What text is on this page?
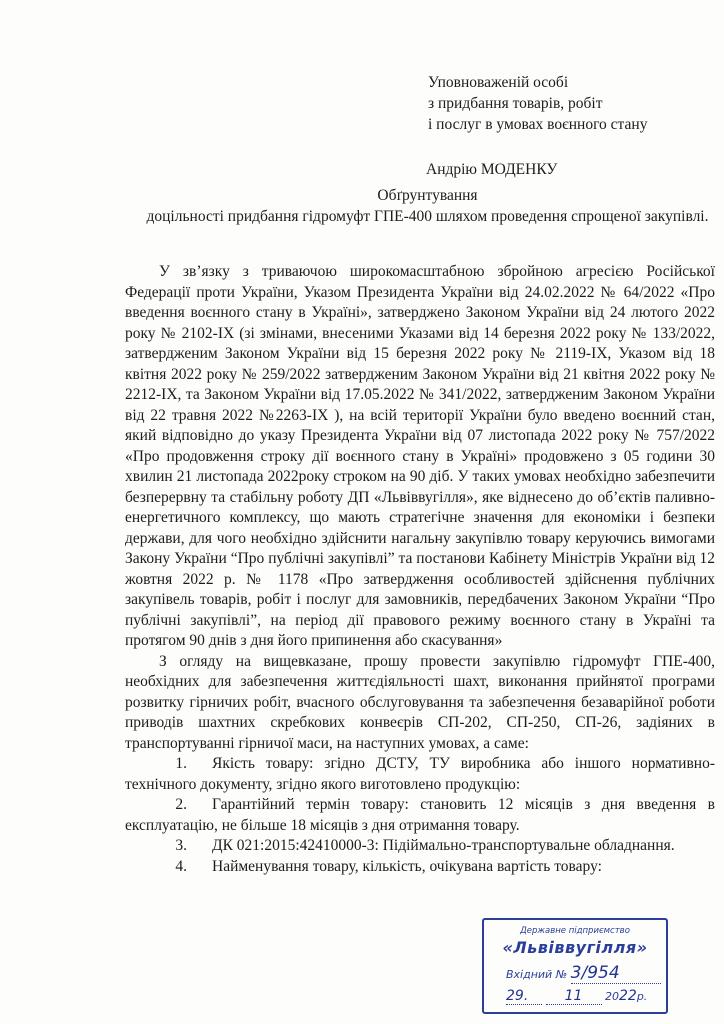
Уповноваженій особі
з придбання товарів, робіт
і послуг в умовах воєнного стану
Андрію МОДЕНКУ
Обґрунтування
доцільності придбання гідромуфт ГПЕ-400 шляхом проведення спрощеної закупівлі.

У зв’язку з триваючою широкомасштабною збройною агресією Російської Федерації проти України, Указом Президента України від 24.02.2022 № 64/2022 «Про введення воєнного стану в Україні», затверджено Законом України від 24 лютого 2022 року № 2102-IX (зі змінами, внесеними Указами від 14 березня 2022 року № 133/2022, затвердженим Законом України від 15 березня 2022 року № 2119-IX, Указом від 18 квітня 2022 року № 259/2022 затвердженим Законом України від 21 квітня 2022 року № 2212-IX, та Законом України від 17.05.2022 № 341/2022, затвердженим Законом України від 22 травня 2022 №2263-IX ), на всій території України було введено воєнний стан, який відповідно до указу Президента України від 07 листопада 2022 року № 757/2022 «Про продовження строку дії воєнного стану в Україні» продовжено з 05 години 30 хвилин 21 листопада 2022року строком на 90 діб. У таких умовах необхідно забезпечити безперервну та стабільну роботу ДП «Львіввугілля», яке віднесено до об’єктів паливно-енергетичного комплексу, що мають стратегічне значення для економіки і безпеки держави, для чого необхідно здійснити нагальну закупівлю товару керуючись вимогами Закону України “Про публічні закупівлі” та постанови Кабінету Міністрів України від 12 жовтня 2022 р. № 1178 «Про затвердження особливостей здійснення публічних закупівель товарів, робіт і послуг для замовників, передбачених Законом України “Про публічні закупівлі”, на період дії правового режиму воєнного стану в Україні та протягом 90 днів з дня його припинення або скасування»

З огляду на вищевказане, прошу провести закупівлю гідромуфт ГПЕ-400, необхідних для забезпечення життєдіяльності шахт, виконання прийнятої програми розвитку гірничих робіт, вчасного обслуговування та забезпечення безаварійної роботи приводів шахтних скребкових конвеєрів СП-202, СП-250, СП-26, задіяних в транспортуванні гірничої маси, на наступних умовах, а саме:

1. Якість товару: згідно ДСТУ, ТУ виробника або іншого нормативно-технічного документу, згідно якого виготовлено продукцію:

2. Гарантійний термін товару: становить 12 місяців з дня введення в експлуатацію, не більше 18 місяців з дня отримання товару.

3. ДК 021:2015:42410000-3: Підіймально-транспортувальне обладнання.

4. Найменування товару, кількість, очікувана вартість товару:

Державне підприємство
«Львіввугілля»
Вхідний № 3/954
29.	11 2022р.
